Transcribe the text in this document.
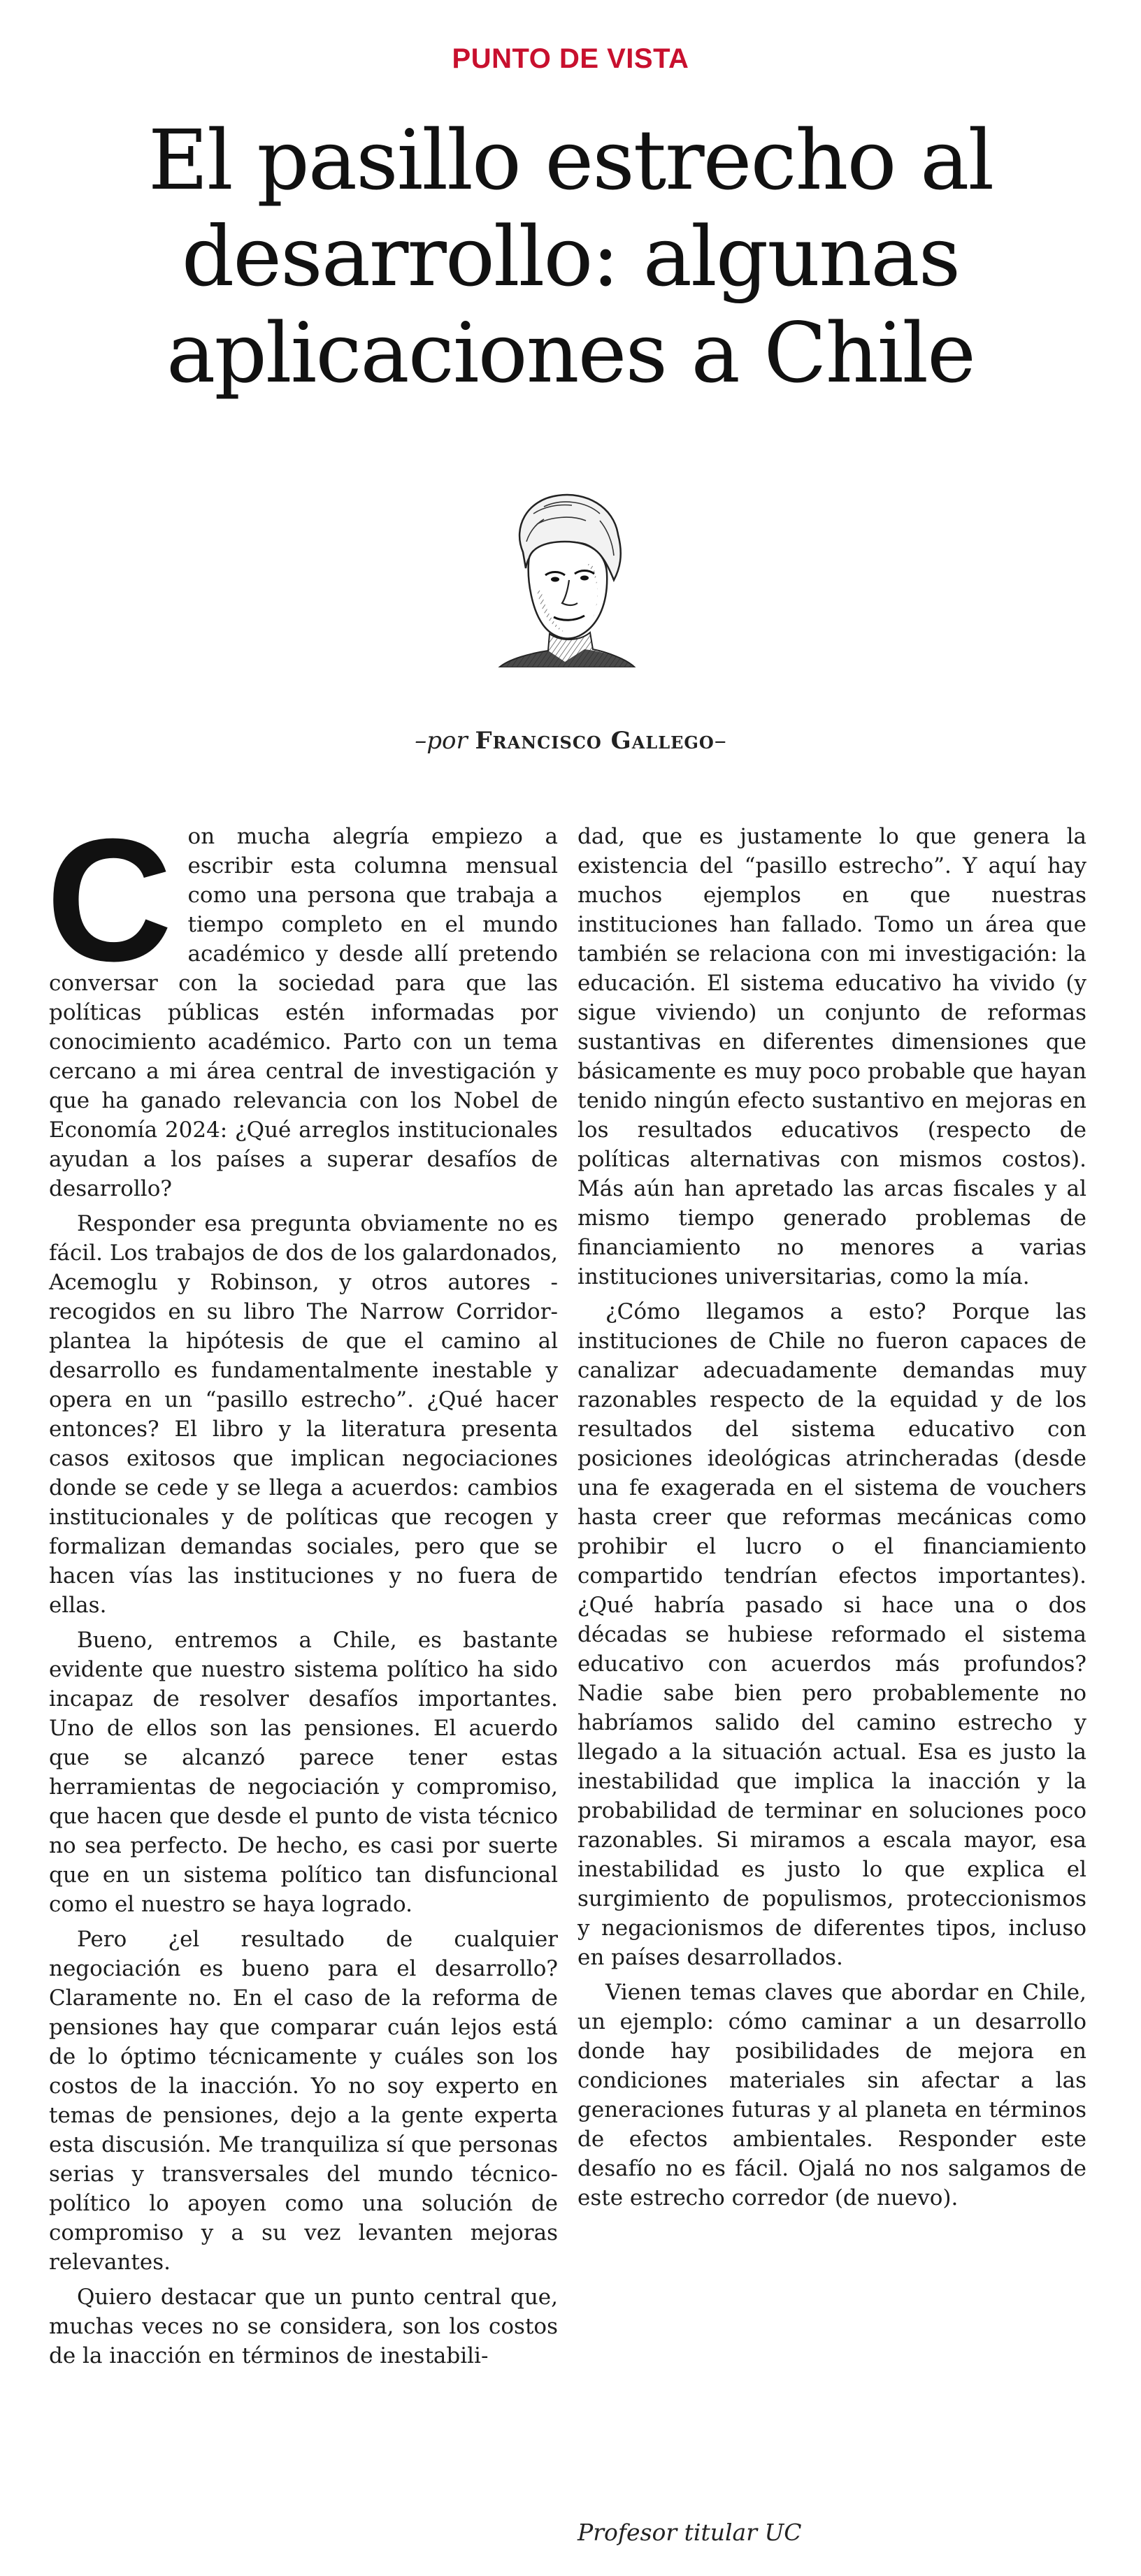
PUNTO DE VISTA
El pasillo estrecho al desarrollo: algunas aplicaciones a Chile
–por Francisco Gallego–

Con mucha alegría empiezo a escribir esta columna mensual como una persona que trabaja a tiempo completo en el mundo académico y desde allí pretendo conversar con la sociedad para que las políticas públicas estén informadas por conocimiento académico. Parto con un tema cercano a mi área central de investigación y que ha ganado relevancia con los Nobel de Economía 2024: ¿Qué arreglos institucionales ayudan a los países a superar desafíos de desarrollo?

Responder esa pregunta obviamente no es fácil. Los trabajos de dos de los galardonados, Acemoglu y Robinson, y otros autores -recogidos en su libro The Narrow Corridor- plantea la hipótesis de que el camino al desarrollo es fundamentalmente inestable y opera en un “pasillo estrecho”. ¿Qué hacer entonces? El libro y la literatura presenta casos exitosos que implican negociaciones donde se cede y se llega a acuerdos: cambios institucionales y de políticas que recogen y formalizan demandas sociales, pero que se hacen vías las instituciones y no fuera de ellas.

Bueno, entremos a Chile, es bastante evidente que nuestro sistema político ha sido incapaz de resolver desafíos importantes. Uno de ellos son las pensiones. El acuerdo que se alcanzó parece tener estas herramientas de negociación y compromiso, que hacen que desde el punto de vista técnico no sea perfecto. De hecho, es casi por suerte que en un sistema político tan disfuncional como el nuestro se haya logrado.

Pero ¿el resultado de cualquier negociación es bueno para el desarrollo? Claramente no. En el caso de la reforma de pensiones hay que comparar cuán lejos está de lo óptimo técnicamente y cuáles son los costos de la inacción. Yo no soy experto en temas de pensiones, dejo a la gente experta esta discusión. Me tranquiliza sí que personas serias y transversales del mundo técnico-político lo apoyen como una solución de compromiso y a su vez levanten mejoras relevantes.

Quiero destacar que un punto central que, muchas veces no se considera, son los costos de la inacción en términos de inestabili-

dad, que es justamente lo que genera la existencia del “pasillo estrecho”. Y aquí hay muchos ejemplos en que nuestras instituciones han fallado. Tomo un área que también se relaciona con mi investigación: la educación. El sistema educativo ha vivido (y sigue viviendo) un conjunto de reformas sustantivas en diferentes dimensiones que básicamente es muy poco probable que hayan tenido ningún efecto sustantivo en mejoras en los resultados educativos (respecto de políticas alternativas con mismos costos). Más aún han apretado las arcas fiscales y al mismo tiempo generado problemas de financiamiento no menores a varias instituciones universitarias, como la mía.

¿Cómo llegamos a esto? Porque las instituciones de Chile no fueron capaces de canalizar adecuadamente demandas muy razonables respecto de la equidad y de los resultados del sistema educativo con posiciones ideológicas atrincheradas (desde una fe exagerada en el sistema de vouchers hasta creer que reformas mecánicas como prohibir el lucro o el financiamiento compartido tendrían efectos importantes). ¿Qué habría pasado si hace una o dos décadas se hubiese reformado el sistema educativo con acuerdos más profundos? Nadie sabe bien pero probablemente no habríamos salido del camino estrecho y llegado a la situación actual. Esa es justo la inestabilidad que implica la inacción y la probabilidad de terminar en soluciones poco razonables. Si miramos a escala mayor, esa inestabilidad es justo lo que explica el surgimiento de populismos, proteccionismos y negacionismos de diferentes tipos, incluso en países desarrollados.

Vienen temas claves que abordar en Chile, un ejemplo: cómo caminar a un desarrollo donde hay posibilidades de mejora en condiciones materiales sin afectar a las generaciones futuras y al planeta en términos de efectos ambientales. Responder este desafío no es fácil. Ojalá no nos salgamos de este estrecho corredor (de nuevo).

Profesor titular UC
